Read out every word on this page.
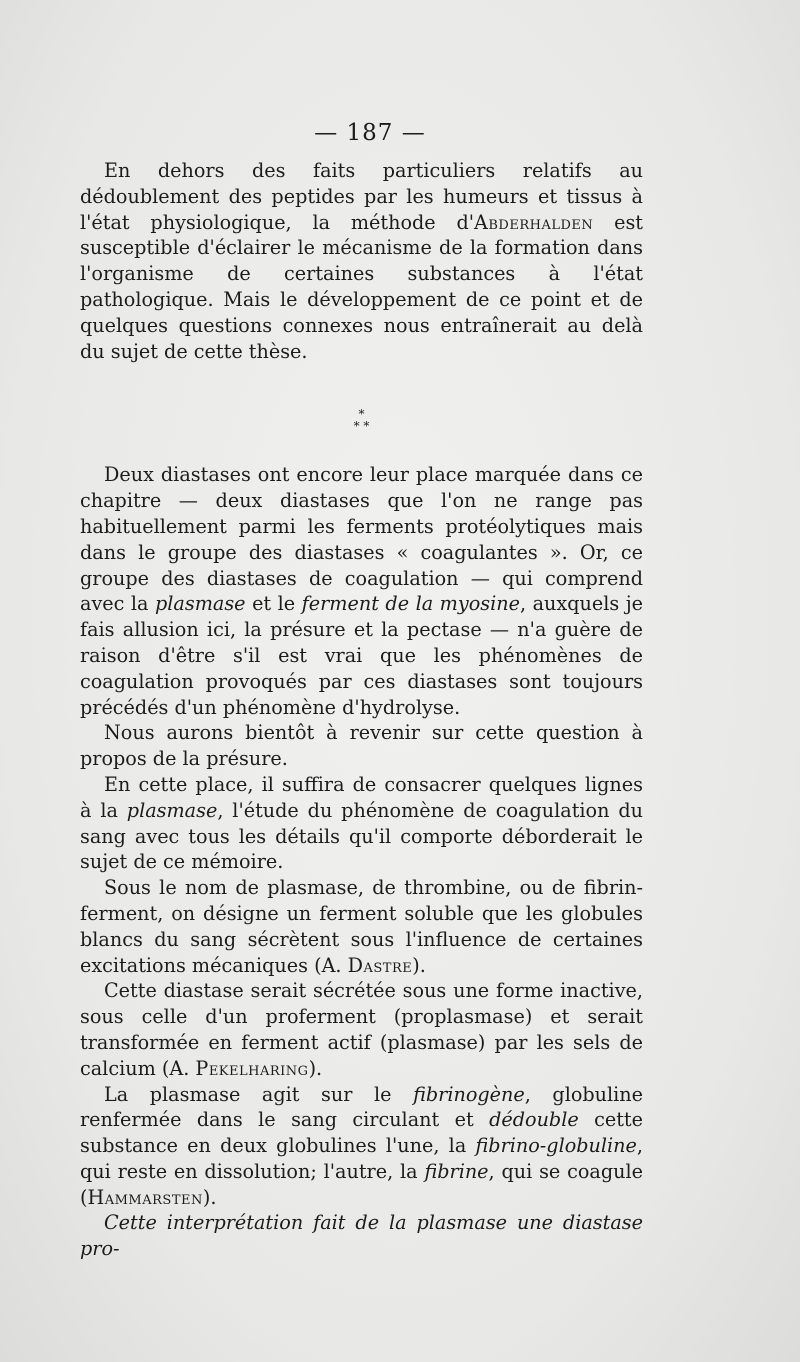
— 187 —

En dehors des faits particuliers relatifs au dédoublement des peptides par les humeurs et tissus à l'état physiologique, la méthode d'Abderhalden est susceptible d'éclairer le mécanisme de la formation dans l'organisme de certaines substances à l'état pathologique. Mais le développement de ce point et de quelques questions connexes nous entraînerait au delà du sujet de cette thèse.

*
* *

Deux diastases ont encore leur place marquée dans ce chapitre — deux diastases que l'on ne range pas habituellement parmi les ferments protéolytiques mais dans le groupe des diastases « coagulantes ». Or, ce groupe des diastases de coagulation — qui comprend avec la plasmase et le ferment de la myosine, auxquels je fais allusion ici, la présure et la pectase — n'a guère de raison d'être s'il est vrai que les phénomènes de coagulation provoqués par ces diastases sont toujours précédés d'un phénomène d'hydrolyse.

Nous aurons bientôt à revenir sur cette question à propos de la présure.

En cette place, il suffira de consacrer quelques lignes à la plasmase, l'étude du phénomène de coagulation du sang avec tous les détails qu'il comporte déborderait le sujet de ce mémoire.

Sous le nom de plasmase, de thrombine, ou de fibrin-ferment, on désigne un ferment soluble que les globules blancs du sang sécrètent sous l'influence de certaines excitations mécaniques (A. Dastre).

Cette diastase serait sécrétée sous une forme inactive, sous celle d'un proferment (proplasmase) et serait transformée en ferment actif (plasmase) par les sels de calcium (A. Pekelharing).

La plasmase agit sur le fibrinogène, globuline renfermée dans le sang circulant et dédouble cette substance en deux globulines l'une, la fibrino-globuline, qui reste en dissolution; l'autre, la fibrine, qui se coagule (Hammarsten).

Cette interprétation fait de la plasmase une diastase pro-
